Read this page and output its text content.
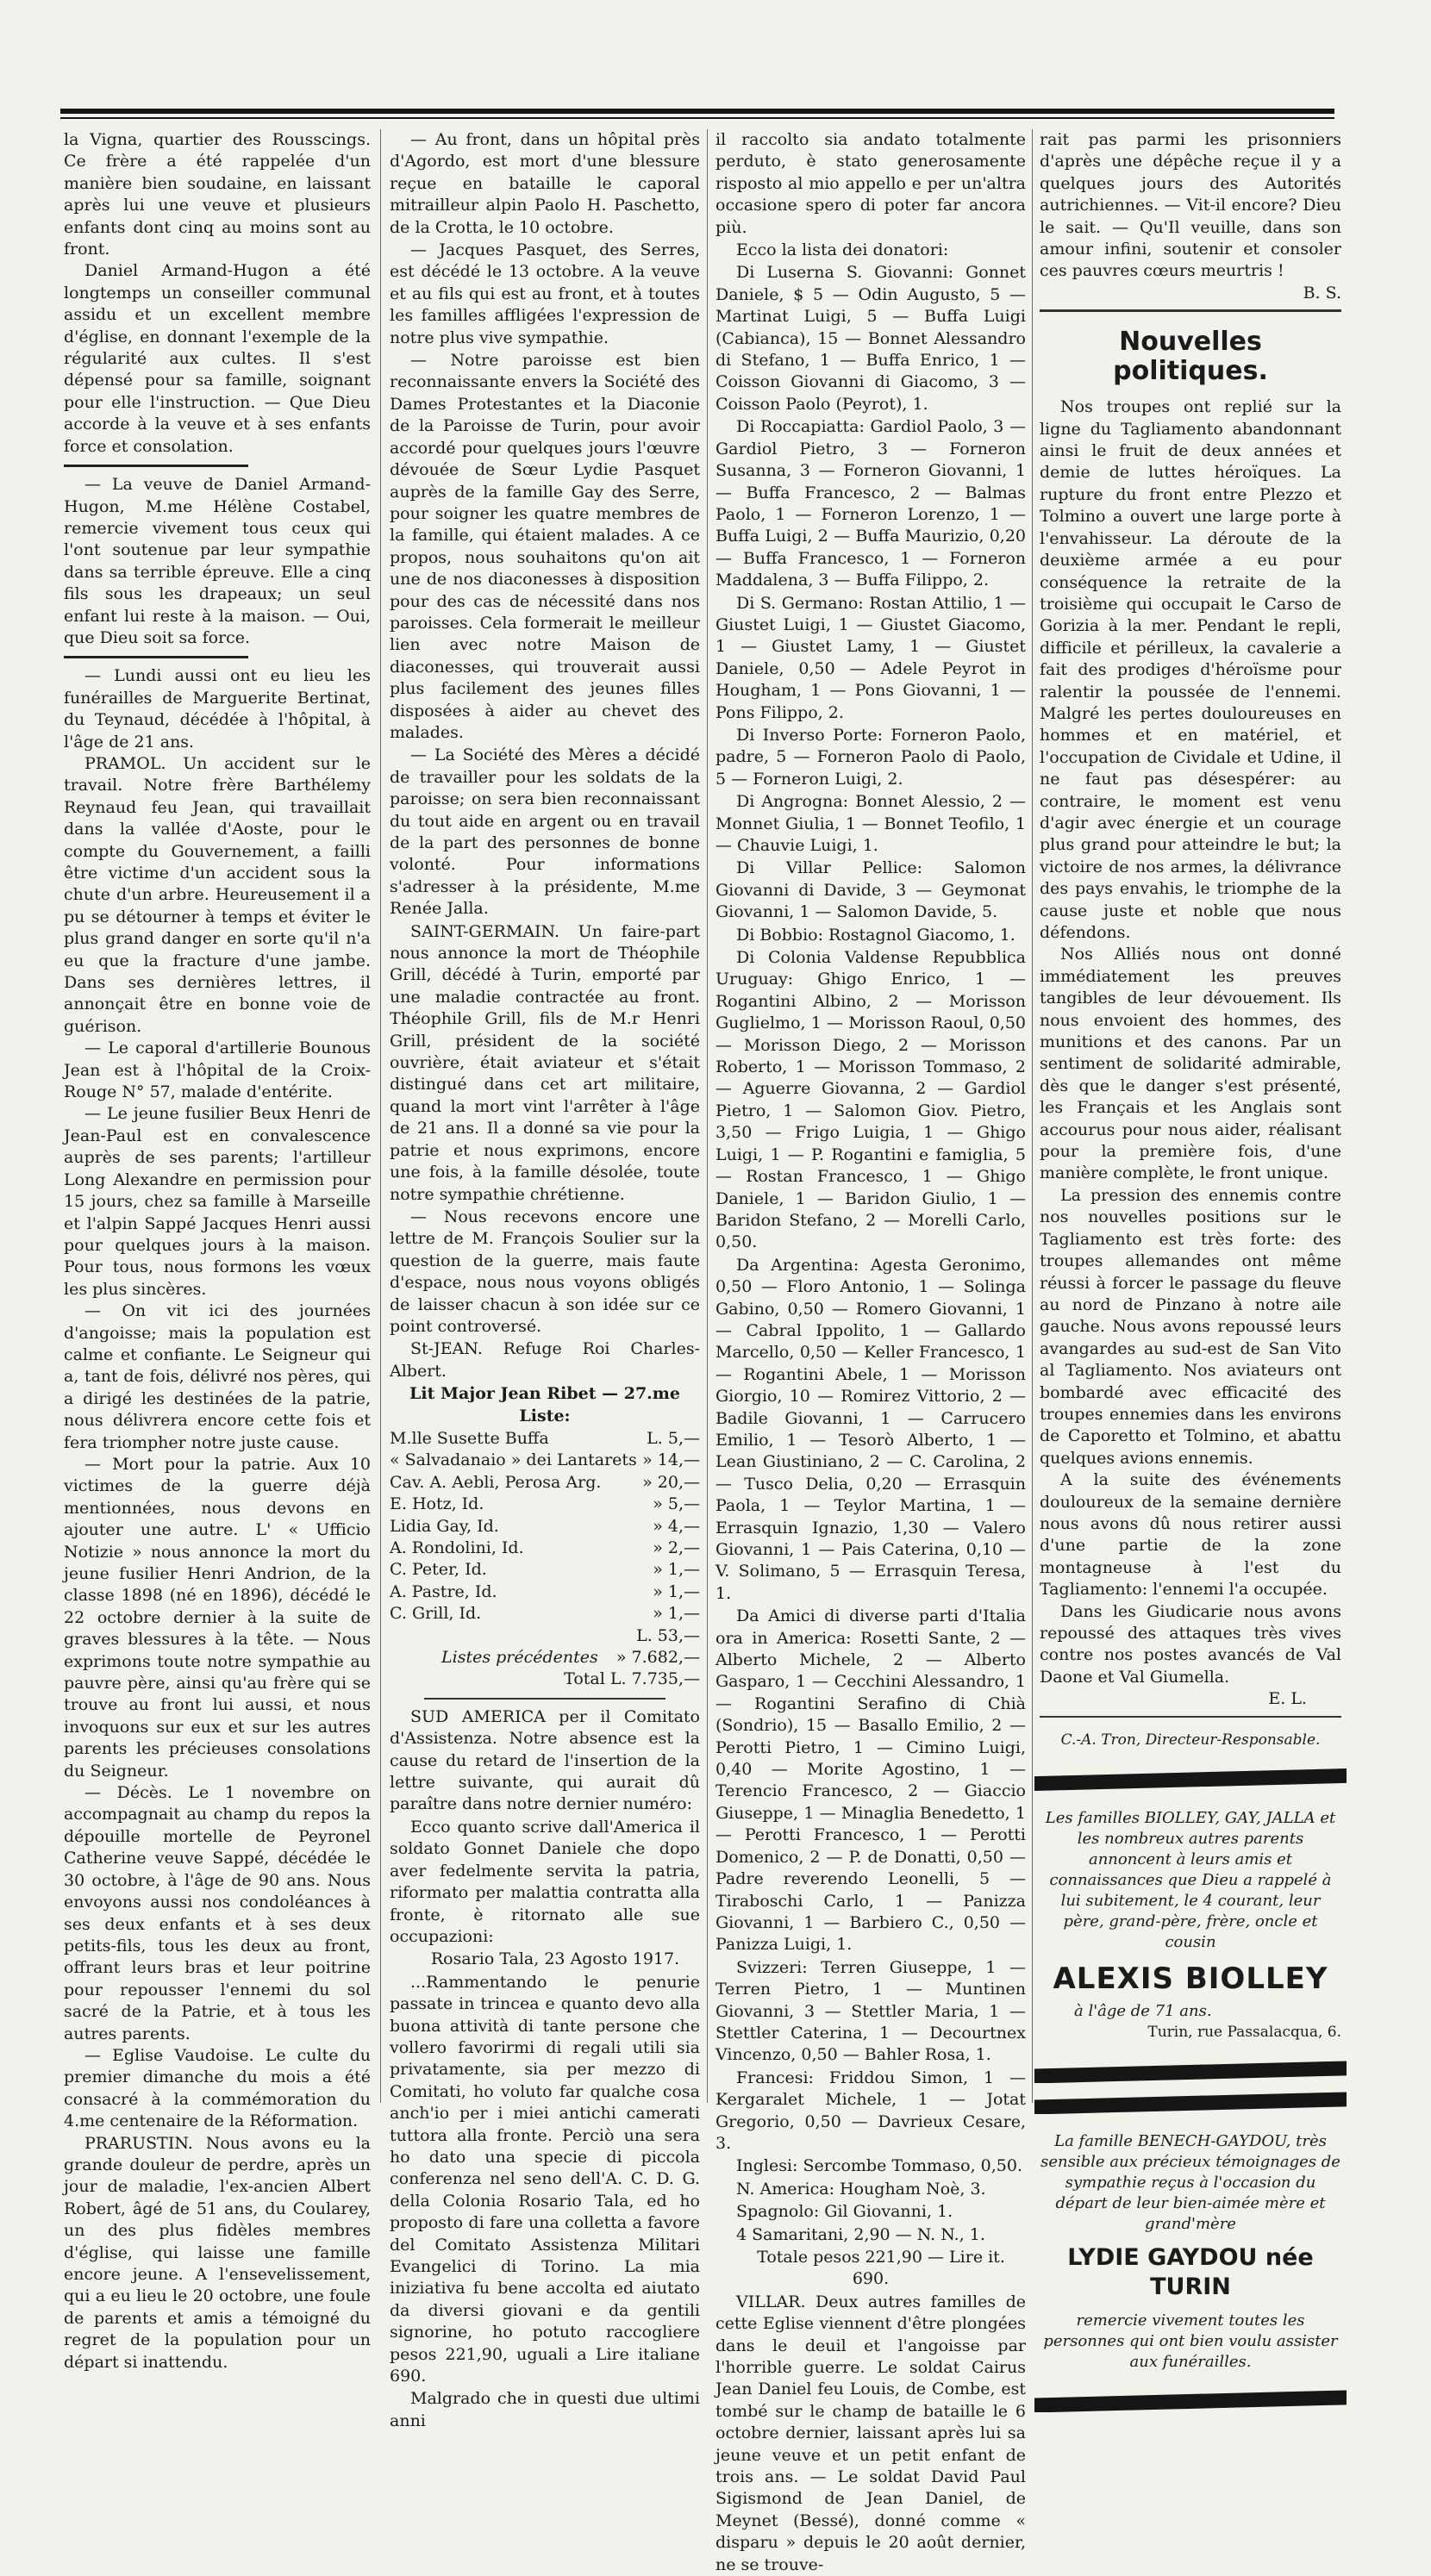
la Vigna, quartier des Rousscings. Ce frère a été rappelée d'un manière bien soudaine, en laissant après lui une veuve et plusieurs enfants dont cinq au moins sont au front.

Daniel Armand-Hugon a été longtemps un conseiller communal assidu et un excellent membre d'église, en donnant l'exemple de la régularité aux cultes. Il s'est dépensé pour sa famille, soignant pour elle l'instruction. — Que Dieu accorde à la veuve et à ses enfants force et consolation.

— La veuve de Daniel Armand-Hugon, M.me Hélène Costabel, remercie vivement tous ceux qui l'ont soutenue par leur sympathie dans sa terrible épreuve. Elle a cinq fils sous les drapeaux; un seul enfant lui reste à la maison. — Oui, que Dieu soit sa force.

— Lundi aussi ont eu lieu les funérailles de Marguerite Bertinat, du Teynaud, décédée à l'hôpital, à l'âge de 21 ans.

PRAMOL. Un accident sur le travail. Notre frère Barthélemy Reynaud feu Jean, qui travaillait dans la vallée d'Aoste, pour le compte du Gouvernement, a failli être victime d'un accident sous la chute d'un arbre. Heureusement il a pu se détourner à temps et éviter le plus grand danger en sorte qu'il n'a eu que la fracture d'une jambe. Dans ses dernières lettres, il annonçait être en bonne voie de guérison.

— Le caporal d'artillerie Bounous Jean est à l'hôpital de la Croix-Rouge N° 57, malade d'entérite.

— Le jeune fusilier Beux Henri de Jean-Paul est en convalescence auprès de ses parents; l'artilleur Long Alexandre en permission pour 15 jours, chez sa famille à Marseille et l'alpin Sappé Jacques Henri aussi pour quelques jours à la maison. Pour tous, nous formons les vœux les plus sincères.

— On vit ici des journées d'angoisse; mais la population est calme et confiante. Le Seigneur qui a, tant de fois, délivré nos pères, qui a dirigé les destinées de la patrie, nous délivrera encore cette fois et fera triompher notre juste cause.

— Mort pour la patrie. Aux 10 victimes de la guerre déjà mentionnées, nous devons en ajouter une autre. L' « Ufficio Notizie » nous annonce la mort du jeune fusilier Henri Andrion, de la classe 1898 (né en 1896), décédé le 22 octobre dernier à la suite de graves blessures à la tête. — Nous exprimons toute notre sympathie au pauvre père, ainsi qu'au frère qui se trouve au front lui aussi, et nous invoquons sur eux et sur les autres parents les précieuses consolations du Seigneur.

— Décès. Le 1 novembre on accompagnait au champ du repos la dépouille mortelle de Peyronel Catherine veuve Sappé, décédée le 30 octobre, à l'âge de 90 ans. Nous envoyons aussi nos condoléances à ses deux enfants et à ses deux petits-fils, tous les deux au front, offrant leurs bras et leur poitrine pour repousser l'ennemi du sol sacré de la Patrie, et à tous les autres parents.

— Eglise Vaudoise. Le culte du premier dimanche du mois a été consacré à la commémoration du 4.me centenaire de la Réformation.

PRARUSTIN. Nous avons eu la grande douleur de perdre, après un jour de maladie, l'ex-ancien Albert Robert, âgé de 51 ans, du Coularey, un des plus fidèles membres d'église, qui laisse une famille encore jeune. A l'ensevelissement, qui a eu lieu le 20 octobre, une foule de parents et amis a témoigné du regret de la population pour un départ si inattendu.

— Au front, dans un hôpital près d'Agordo, est mort d'une blessure reçue en bataille le caporal mitrailleur alpin Paolo H. Paschetto, de la Crotta, le 10 octobre.

— Jacques Pasquet, des Serres, est décédé le 13 octobre. A la veuve et au fils qui est au front, et à toutes les familles affligées l'expression de notre plus vive sympathie.

— Notre paroisse est bien reconnaissante envers la Société des Dames Protestantes et la Diaconie de la Paroisse de Turin, pour avoir accordé pour quelques jours l'œuvre dévouée de Sœur Lydie Pasquet auprès de la famille Gay des Serre, pour soigner les quatre membres de la famille, qui étaient malades. A ce propos, nous souhaitons qu'on ait une de nos diaconesses à disposition pour des cas de nécessité dans nos paroisses. Cela formerait le meilleur lien avec notre Maison de diaconesses, qui trouverait aussi plus facilement des jeunes filles disposées à aider au chevet des malades.

— La Société des Mères a décidé de travailler pour les soldats de la paroisse; on sera bien reconnaissant du tout aide en argent ou en travail de la part des personnes de bonne volonté. Pour informations s'adresser à la présidente, M.me Renée Jalla.

SAINT-GERMAIN. Un faire-part nous annonce la mort de Théophile Grill, décédé à Turin, emporté par une maladie contractée au front. Théophile Grill, fils de M.r Henri Grill, président de la société ouvrière, était aviateur et s'était distingué dans cet art militaire, quand la mort vint l'arrêter à l'âge de 21 ans. Il a donné sa vie pour la patrie et nous exprimons, encore une fois, à la famille désolée, toute notre sympathie chrétienne.

— Nous recevons encore une lettre de M. François Soulier sur la question de la guerre, mais faute d'espace, nous nous voyons obligés de laisser chacun à son idée sur ce point controversé.

St-JEAN. Refuge Roi Charles-Albert.

Lit Major Jean Ribet — 27.me Liste:

M.lle Susette Buffa	L. 5,—
« Salvadanaio » dei Lantarets » 14,—
Cav. A. Aebli, Perosa Arg.	» 20,—
E. Hotz, Id.	» 5,—
Lidia Gay, Id.	» 4,—
A. Rondolini, Id.	» 2,—
C. Peter, Id.	» 1,—
A. Pastre, Id.	» 1,—
C. Grill, Id.	» 1,—
L. 53,—
Listes précédentes » 7.682,—
Total L. 7.735,—

SUD AMERICA per il Comitato d'Assistenza. Notre absence est la cause du retard de l'insertion de la lettre suivante, qui aurait dû paraître dans notre dernier numéro:

Ecco quanto scrive dall'America il soldato Gonnet Daniele che dopo aver fedelmente servita la patria, riformato per malattia contratta alla fronte, è ritornato alle sue occupazioni:

Rosario Tala, 23 Agosto 1917.

...Rammentando le penurie passate in trincea e quanto devo alla buona attività di tante persone che vollero favorirmi di regali utili sia privatamente, sia per mezzo di Comitati, ho voluto far qualche cosa anch'io per i miei antichi camerati tuttora alla fronte. Perciò una sera ho dato una specie di piccola conferenza nel seno dell'A. C. D. G. della Colonia Rosario Tala, ed ho proposto di fare una colletta a favore del Comitato Assistenza Militari Evangelici di Torino. La mia iniziativa fu bene accolta ed aiutato da diversi giovani e da gentili signorine, ho potuto raccogliere pesos 221,90, uguali a Lire italiane 690.

Malgrado che in questi due ultimi anni

il raccolto sia andato totalmente perduto, è stato generosamente risposto al mio appello e per un'altra occasione spero di poter far ancora più.

Ecco la lista dei donatori:

Di Luserna S. Giovanni: Gonnet Daniele, $ 5 — Odin Augusto, 5 — Martinat Luigi, 5 — Buffa Luigi (Cabianca), 15 — Bonnet Alessandro di Stefano, 1 — Buffa Enrico, 1 — Coisson Giovanni di Giacomo, 3 — Coisson Paolo (Peyrot), 1.

Di Roccapiatta: Gardiol Paolo, 3 — Gardiol Pietro, 3 — Forneron Susanna, 3 — Forneron Giovanni, 1 — Buffa Francesco, 2 — Balmas Paolo, 1 — Forneron Lorenzo, 1 — Buffa Luigi, 2 — Buffa Maurizio, 0,20 — Buffa Francesco, 1 — Forneron Maddalena, 3 — Buffa Filippo, 2.

Di S. Germano: Rostan Attilio, 1 — Giustet Luigi, 1 — Giustet Giacomo, 1 — Giustet Lamy, 1 — Giustet Daniele, 0,50 — Adele Peyrot in Hougham, 1 — Pons Giovanni, 1 — Pons Filippo, 2.

Di Inverso Porte: Forneron Paolo, padre, 5 — Forneron Paolo di Paolo, 5 — Forneron Luigi, 2.

Di Angrogna: Bonnet Alessio, 2 — Monnet Giulia, 1 — Bonnet Teofilo, 1 — Chauvie Luigi, 1.

Di Villar Pellice: Salomon Giovanni di Davide, 3 — Geymonat Giovanni, 1 — Salomon Davide, 5.

Di Bobbio: Rostagnol Giacomo, 1.

Di Colonia Valdense Repubblica Uruguay: Ghigo Enrico, 1 — Rogantini Albino, 2 — Morisson Guglielmo, 1 — Morisson Raoul, 0,50 — Morisson Diego, 2 — Morisson Roberto, 1 — Morisson Tommaso, 2 — Aguerre Giovanna, 2 — Gardiol Pietro, 1 — Salomon Giov. Pietro, 3,50 — Frigo Luigia, 1 — Ghigo Luigi, 1 — P. Rogantini e famiglia, 5 — Rostan Francesco, 1 — Ghigo Daniele, 1 — Baridon Giulio, 1 — Baridon Stefano, 2 — Morelli Carlo, 0,50.

Da Argentina: Agesta Geronimo, 0,50 — Floro Antonio, 1 — Solinga Gabino, 0,50 — Romero Giovanni, 1 — Cabral Ippolito, 1 — Gallardo Marcello, 0,50 — Keller Francesco, 1 — Rogantini Abele, 1 — Morisson Giorgio, 10 — Romirez Vittorio, 2 — Badile Giovanni, 1 — Carrucero Emilio, 1 — Tesorò Alberto, 1 — Lean Giustiniano, 2 — C. Carolina, 2 — Tusco Delia, 0,20 — Errasquin Paola, 1 — Teylor Martina, 1 — Errasquin Ignazio, 1,30 — Valero Giovanni, 1 — Pais Caterina, 0,10 — V. Solimano, 5 — Errasquin Teresa, 1.

Da Amici di diverse parti d'Italia ora in America: Rosetti Sante, 2 — Alberto Michele, 2 — Alberto Gasparo, 1 — Cecchini Alessandro, 1 — Rogantini Serafino di Chià (Sondrio), 15 — Basallo Emilio, 2 — Perotti Pietro, 1 — Cimino Luigi, 0,40 — Morite Agostino, 1 — Terencio Francesco, 2 — Giaccio Giuseppe, 1 — Minaglia Benedetto, 1 — Perotti Francesco, 1 — Perotti Domenico, 2 — P. de Donatti, 0,50 — Padre reverendo Leonelli, 5 — Tiraboschi Carlo, 1 — Panizza Giovanni, 1 — Barbiero C., 0,50 — Panizza Luigi, 1.

Svizzeri: Terren Giuseppe, 1 — Terren Pietro, 1 — Muntinen Giovanni, 3 — Stettler Maria, 1 — Stettler Caterina, 1 — Decourtnex Vincenzo, 0,50 — Bahler Rosa, 1.

Francesi: Friddou Simon, 1 — Kergaralet Michele, 1 — Jotat Gregorio, 0,50 — Davrieux Cesare, 3.

Inglesi: Sercombe Tommaso, 0,50.

N. America: Hougham Noè, 3.

Spagnolo: Gil Giovanni, 1.

4 Samaritani, 2,90 — N. N., 1.

Totale pesos 221,90 — Lire it. 690.

VILLAR. Deux autres familles de cette Eglise viennent d'être plongées dans le deuil et l'angoisse par l'horrible guerre. Le soldat Cairus Jean Daniel feu Louis, de Combe, est tombé sur le champ de bataille le 6 octobre dernier, laissant après lui sa jeune veuve et un petit enfant de trois ans. — Le soldat David Paul Sigismond de Jean Daniel, de Meynet (Bessé), donné comme « disparu » depuis le 20 août dernier, ne se trouve-

rait pas parmi les prisonniers d'après une dépêche reçue il y a quelques jours des Autorités autrichiennes. — Vit-il encore? Dieu le sait. — Qu'Il veuille, dans son amour infini, soutenir et consoler ces pauvres cœurs meurtris !

B. S.
Nouvelles politiques.

Nos troupes ont replié sur la ligne du Tagliamento abandonnant ainsi le fruit de deux années et demie de luttes héroïques. La rupture du front entre Plezzo et Tolmino a ouvert une large porte à l'envahisseur. La déroute de la deuxième armée a eu pour conséquence la retraite de la troisième qui occupait le Carso de Gorizia à la mer. Pendant le repli, difficile et périlleux, la cavalerie a fait des prodiges d'héroïsme pour ralentir la poussée de l'ennemi. Malgré les pertes douloureuses en hommes et en matériel, et l'occupation de Cividale et Udine, il ne faut pas désespérer: au contraire, le moment est venu d'agir avec énergie et un courage plus grand pour atteindre le but; la victoire de nos armes, la délivrance des pays envahis, le triomphe de la cause juste et noble que nous défendons.

Nos Alliés nous ont donné immédiatement les preuves tangibles de leur dévouement. Ils nous envoient des hommes, des munitions et des canons. Par un sentiment de solidarité admirable, dès que le danger s'est présenté, les Français et les Anglais sont accourus pour nous aider, réalisant pour la première fois, d'une manière complète, le front unique.

La pression des ennemis contre nos nouvelles positions sur le Tagliamento est très forte: des troupes allemandes ont même réussi à forcer le passage du fleuve au nord de Pinzano à notre aile gauche. Nous avons repoussé leurs avangardes au sud-est de San Vito al Tagliamento. Nos aviateurs ont bombardé avec efficacité des troupes ennemies dans les environs de Caporetto et Tolmino, et abattu quelques avions ennemis.

A la suite des événements douloureux de la semaine dernière nous avons dû nous retirer aussi d'une partie de la zone montagneuse à l'est du Tagliamento: l'ennemi l'a occupée.

Dans les Giudicarie nous avons repoussé des attaques très vives contre nos postes avancés de Val Daone et Val Giumella.

E. L.
C.-A. Tron, Directeur-Responsable.
Les familles BIOLLEY, GAY, JALLA et les nombreux autres parents annoncent à leurs amis et connaissances que Dieu a rappelé à lui subitement, le 4 courant, leur père, grand-père, frère, oncle et cousin
ALEXIS BIOLLEY
à l'âge de 71 ans.
Turin, rue Passalacqua, 6.
La famille BENECH-GAYDOU, très sensible aux précieux témoignages de sympathie reçus à l'occasion du départ de leur bien-aimée mère et grand'mère
LYDIE GAYDOU née TURIN
remercie vivement toutes les personnes qui ont bien voulu assister aux funérailles.
